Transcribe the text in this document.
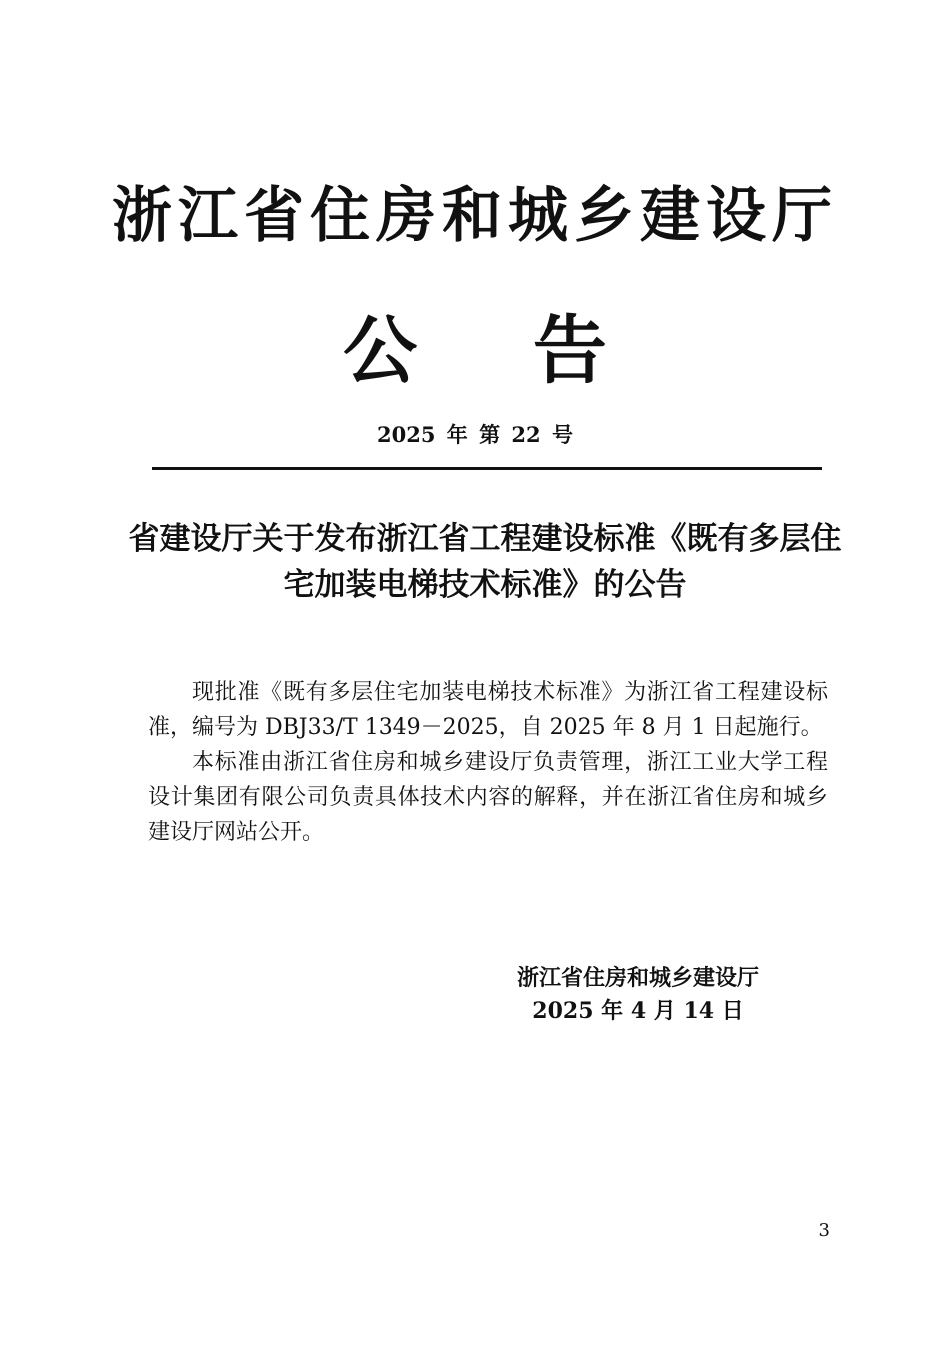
浙江省住房和城乡建设厅
公 告
2025 年 第 22 号
省建设厅关于发布浙江省工程建设标准《既有多层住宅加装电梯技术标准》的公告

现批准《既有多层住宅加装电梯技术标准》为浙江省工程建设标准，编号为 DBJ33/T 1349－2025，自 2025 年 8 月 1 日起施行。

本标准由浙江省住房和城乡建设厅负责管理，浙江工业大学工程设计集团有限公司负责具体技术内容的解释，并在浙江省住房和城乡建设厅网站公开。

浙江省住房和城乡建设厅
2025 年 4 月 14 日
3
